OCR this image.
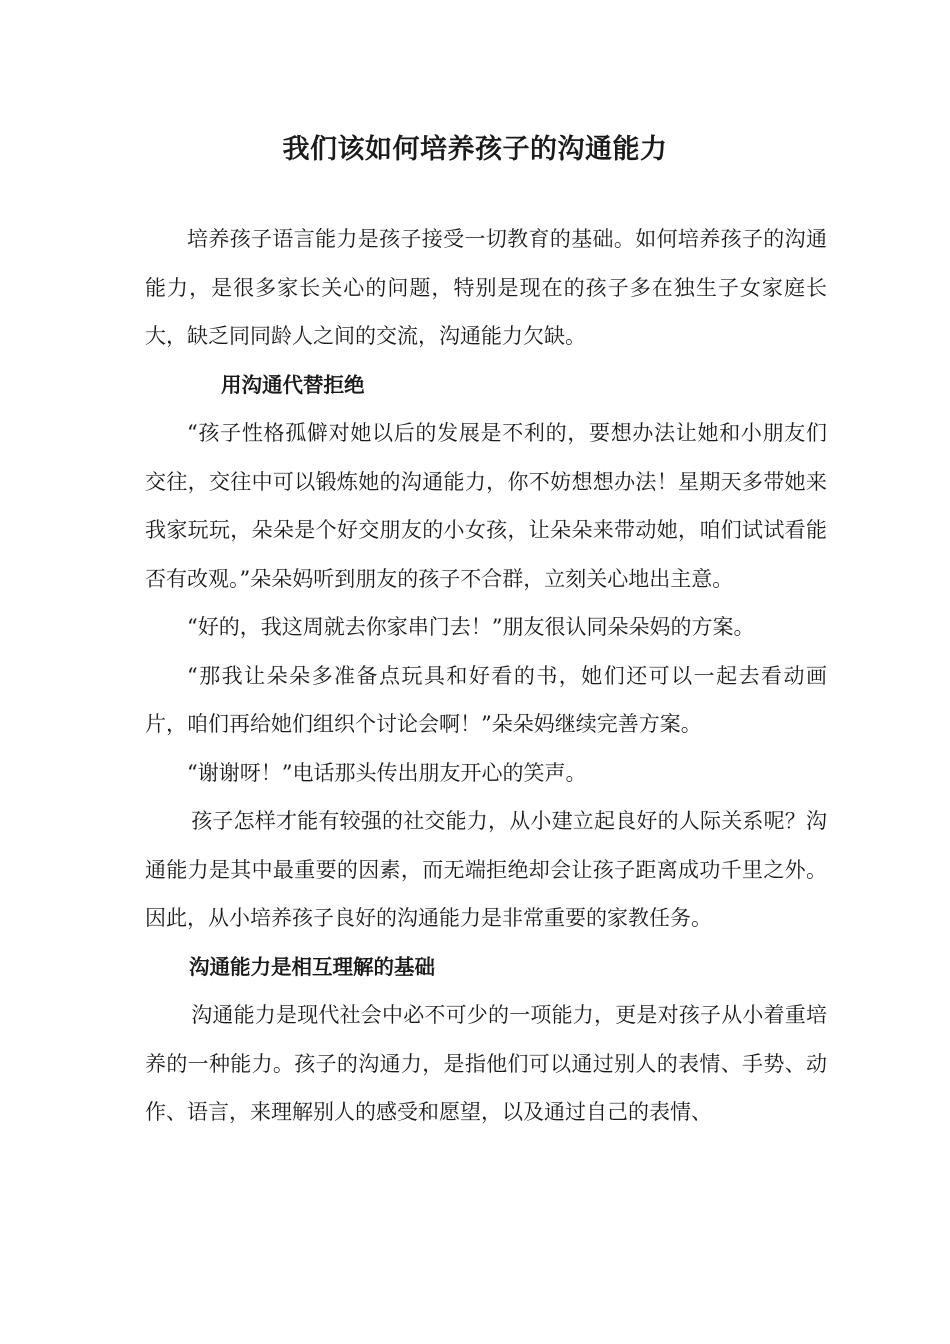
我们该如何培养孩子的沟通能力

培养孩子语言能力是孩子接受一切教育的基础。如何培养孩子的沟通能力，是很多家长关心的问题，特别是现在的孩子多在独生子女家庭长大，缺乏同同龄人之间的交流，沟通能力欠缺。

用沟通代替拒绝

“孩子性格孤僻对她以后的发展是不利的，要想办法让她和小朋友们交往，交往中可以锻炼她的沟通能力，你不妨想想办法！星期天多带她来我家玩玩，朵朵是个好交朋友的小女孩，让朵朵来带动她，咱们试试看能否有改观。”朵朵妈听到朋友的孩子不合群，立刻关心地出主意。

“好的，我这周就去你家串门去！”朋友很认同朵朵妈的方案。

“那我让朵朵多准备点玩具和好看的书，她们还可以一起去看动画片，咱们再给她们组织个讨论会啊！”朵朵妈继续完善方案。

“谢谢呀！”电话那头传出朋友开心的笑声。

孩子怎样才能有较强的社交能力，从小建立起良好的人际关系呢？沟通能力是其中最重要的因素，而无端拒绝却会让孩子距离成功千里之外。因此，从小培养孩子良好的沟通能力是非常重要的家教任务。

沟通能力是相互理解的基础

沟通能力是现代社会中必不可少的一项能力，更是对孩子从小着重培养的一种能力。孩子的沟通力，是指他们可以通过别人的表情、手势、动作、语言，来理解别人的感受和愿望，以及通过自己的表情、
